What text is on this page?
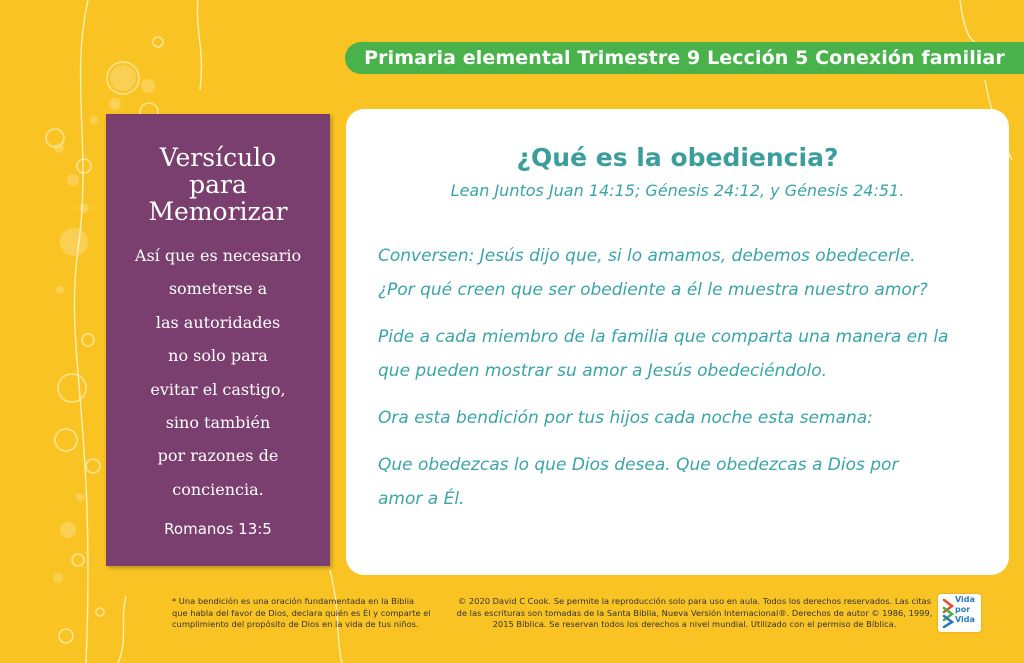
Primaria elemental Trimestre 9 Lección 5 Conexión familiar
Versículo
para
Memorizar
Así que es necesario
someterse a
las autoridades
no solo para
evitar el castigo,
sino también
por razones de
conciencia.
Romanos 13:5
¿Qué es la obediencia?
Lean Juntos Juan 14:15; Génesis 24:12, y Génesis 24:51.

Conversen: Jesús dijo que, si lo amamos, debemos obedecerle.
¿Por qué creen que ser obediente a él le muestra nuestro amor?

Pide a cada miembro de la familia que comparta una manera en la
que pueden mostrar su amor a Jesús obedeciéndolo.

Ora esta bendición por tus hijos cada noche esta semana:

Que obedezcas lo que Dios desea. Que obedezcas a Dios por
amor a Él.

* Una bendición es una oración fundamentada en la Biblia que habla del favor de Dios, declara quién es Él y comparte el cumplimiento del propósito de Dios en la vida de tus niños.
© 2020 David C Cook. Se permite la reproducción solo para uso en aula. Todos los derechos reservados. Las citas de las escrituras son tomadas de la Santa Biblia, Nueva Versión Internacional®. Derechos de autor © 1986, 1999, 2015 Bíblica. Se reservan todos los derechos a nivel mundial. Utilizado con el permiso de Bíblica.
Vida
por
Vida
